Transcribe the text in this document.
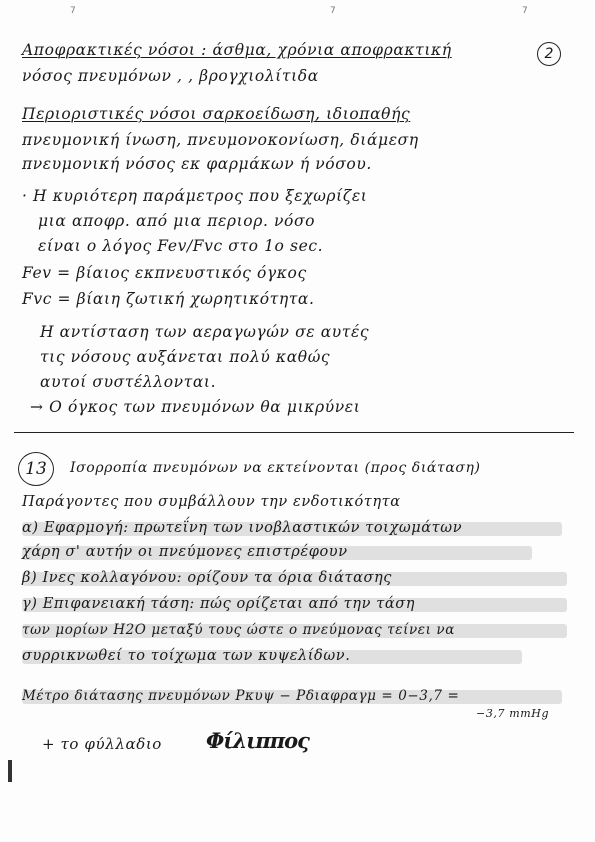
7	7	7
2
Αποφρακτικές νόσοι : άσθμα, χρόνια αποφρακτική
νόσος πνευμόνων , , βρογχιολίτιδα
Περιοριστικές νόσοι σαρκοείδωση, ιδιοπαθής
πνευμονική ίνωση, πνευμονοκονίωση, διάμεση
πνευμονική νόσος εκ φαρμάκων ή νόσου.
· Η κυριότερη παράμετρος που ξεχωρίζει
μια αποφρ. από μια περιορ. νόσο
είναι ο λόγος Fev/Fvc στο 1ο sec.
Fev = βίαιος εκπνευστικός όγκος
Fvc = βίαιη ζωτική χωρητικότητα.
Η αντίσταση των αεραγωγών σε αυτές
τις νόσους αυξάνεται πολύ καθώς
αυτοί συστέλλονται.
→ Ο όγκος των πνευμόνων θα μικρύνει
13	Ισορροπία πνευμόνων να εκτείνονται (προς διάταση)
Παράγοντες που συμβάλλουν την ενδοτικότητα
α) Εφαρμογή: πρωτεΐνη των ινοβλαστικών τοιχωμάτων
χάρη σ' αυτήν οι πνεύμονες επιστρέφουν
β) Ινες κολλαγόνου: ορίζουν τα όρια διάτασης
γ) Επιφανειακή τάση: πώς ορίζεται από την τάση
των μορίων H2O μεταξύ τους ώστε ο πνεύμονας τείνει να
συρρικνωθεί το τοίχωμα των κυψελίδων.
Μέτρο διάτασης πνευμόνων Pκυψ − Pδιαφραγμ = 0−3,7 =
−3,7 mmHg
+ το φύλλαδιο Φίλιππος
